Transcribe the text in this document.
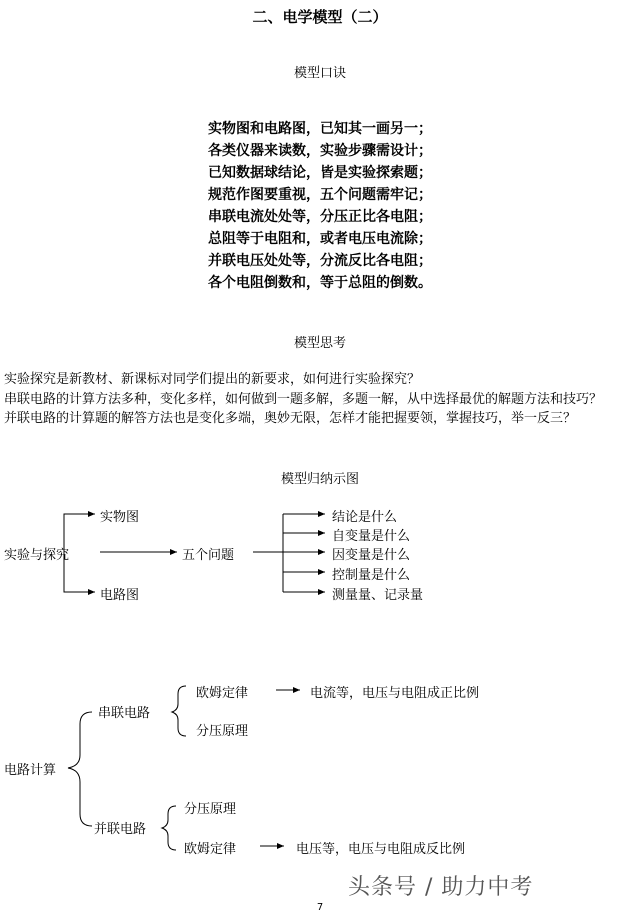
二、电学模型（二）
模型口诀
实物图和电路图，已知其一画另一；
各类仪器来读数，实验步骤需设计；
已知数据球结论，皆是实验探索题；
规范作图要重视，五个问题需牢记；
串联电流处处等，分压正比各电阻；
总阻等于电阻和，或者电压电流除；
并联电压处处等，分流反比各电阻；
各个电阻倒数和，等于总阻的倒数。
模型思考

实验探究是新教材、新课标对同学们提出的新要求，如何进行实验探究？

串联电路的计算方法多种，变化多样，如何做到一题多解，多题一解，从中选择最优的解题方法和技巧？

并联电路的计算题的解答方法也是变化多端，奥妙无限，怎样才能把握要领，掌握技巧，举一反三？

模型归纳示图
实验与探究
实物图
电路图
五个问题
结论是什么
自变量是什么
因变量是什么
控制量是什么
测量量、记录量
电路计算
串联电路
欧姆定律	电流等，电压与电阻成正比例
分压原理
并联电路
分压原理
欧姆定律	电压等，电压与电阻成反比例
头条号 / 助力中考
7
